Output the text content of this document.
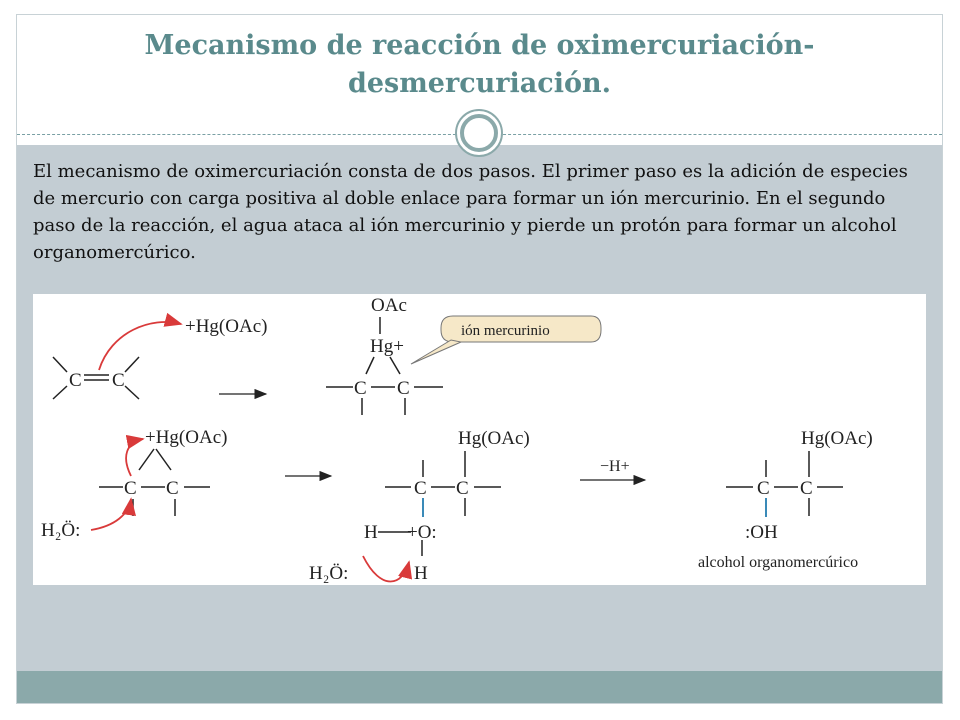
Mecanismo de reacción de oximercuriación-
desmercuriación.

El mecanismo de oximercuriación consta de dos pasos. El primer paso es la adición de especies de mercurio con carga positiva al doble enlace para formar un ión mercurinio. En el segundo paso de la reacción, el agua ataca al ión mercurinio y pierde un protón para formar un alcohol organomercúrico.

C C
+Hg(OAc)
OAc
Hg+
C C
ión mercurinio
+Hg(OAc)
C C
H₂Ö:
Hg(OAc)
C C
H +O:
H
H₂Ö:
−H+
Hg(OAc)
C C
:OH
alcohol organomercúrico
